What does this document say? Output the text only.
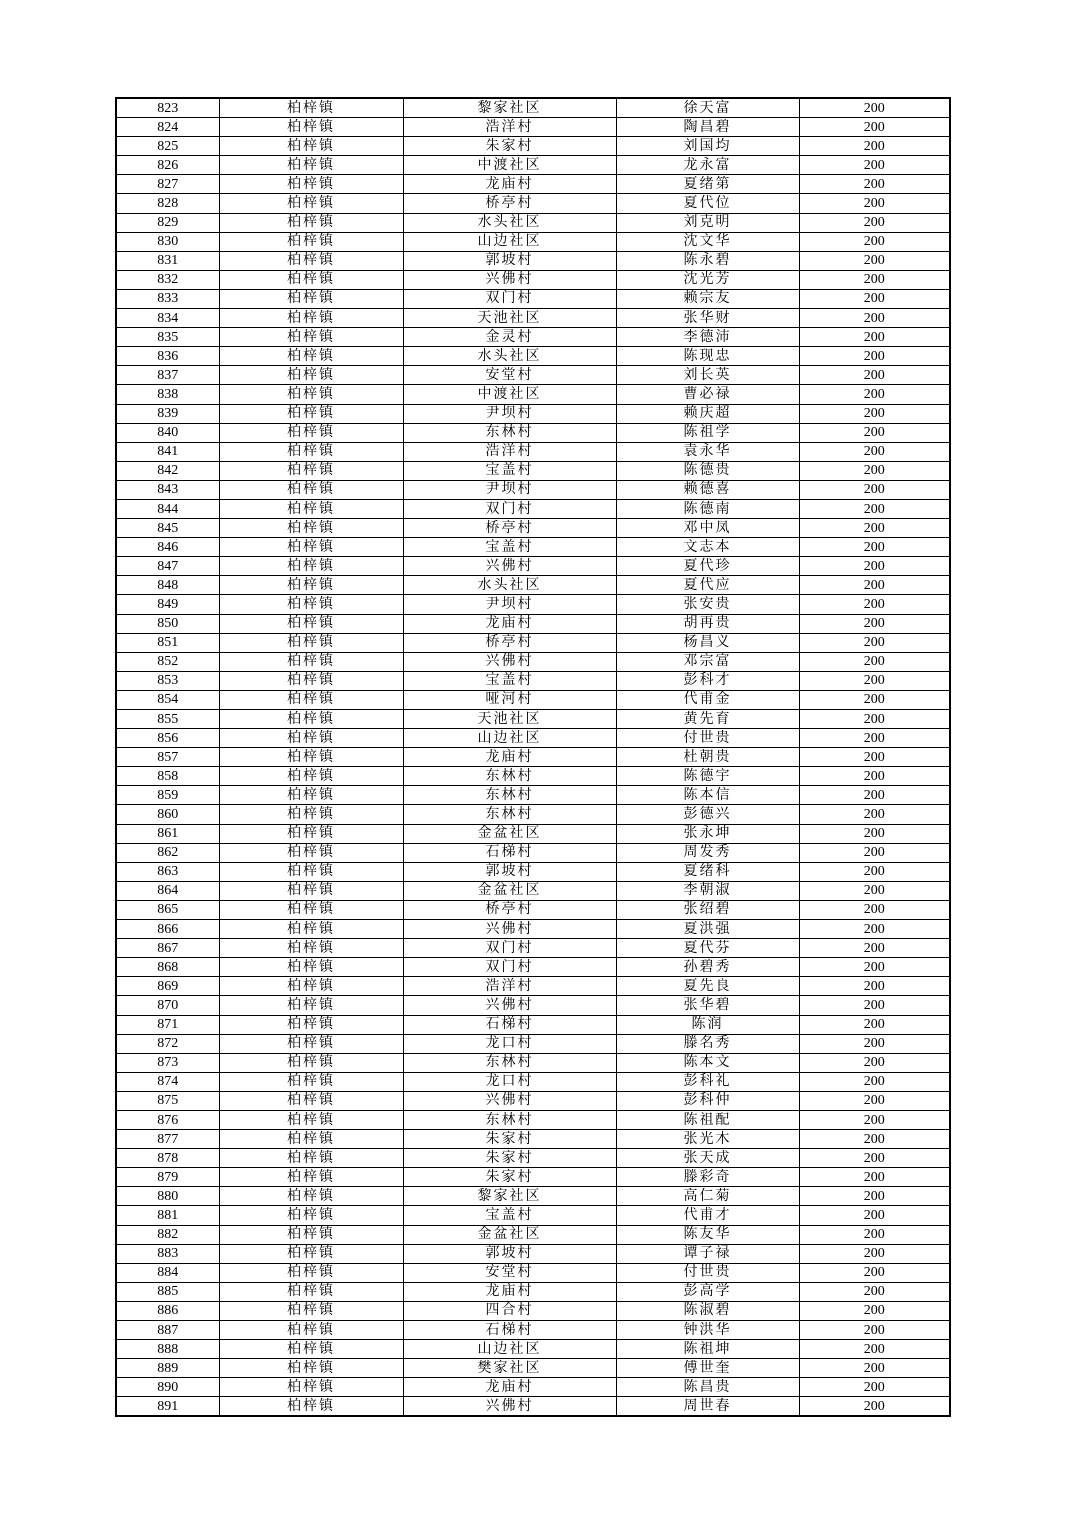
823	柏梓镇	黎家社区	徐天富	200
824	柏梓镇	浩洋村	陶昌碧	200
825	柏梓镇	朱家村	刘国均	200
826	柏梓镇	中渡社区	龙永富	200
827	柏梓镇	龙庙村	夏绪第	200
828	柏梓镇	桥亭村	夏代位	200
829	柏梓镇	水头社区	刘克明	200
830	柏梓镇	山边社区	沈文华	200
831	柏梓镇	郭坡村	陈永碧	200
832	柏梓镇	兴佛村	沈光芳	200
833	柏梓镇	双门村	赖宗友	200
834	柏梓镇	天池社区	张华财	200
835	柏梓镇	金灵村	李德沛	200
836	柏梓镇	水头社区	陈现忠	200
837	柏梓镇	安堂村	刘长英	200
838	柏梓镇	中渡社区	曹必禄	200
839	柏梓镇	尹坝村	赖庆超	200
840	柏梓镇	东林村	陈祖学	200
841	柏梓镇	浩洋村	袁永华	200
842	柏梓镇	宝盖村	陈德贵	200
843	柏梓镇	尹坝村	赖德喜	200
844	柏梓镇	双门村	陈德南	200
845	柏梓镇	桥亭村	邓中凤	200
846	柏梓镇	宝盖村	文志本	200
847	柏梓镇	兴佛村	夏代珍	200
848	柏梓镇	水头社区	夏代应	200
849	柏梓镇	尹坝村	张安贵	200
850	柏梓镇	龙庙村	胡再贵	200
851	柏梓镇	桥亭村	杨昌义	200
852	柏梓镇	兴佛村	邓宗富	200
853	柏梓镇	宝盖村	彭科才	200
854	柏梓镇	哑河村	代甫金	200
855	柏梓镇	天池社区	黄先育	200
856	柏梓镇	山边社区	付世贵	200
857	柏梓镇	龙庙村	杜朝贵	200
858	柏梓镇	东林村	陈德宇	200
859	柏梓镇	东林村	陈本信	200
860	柏梓镇	东林村	彭德兴	200
861	柏梓镇	金盆社区	张永坤	200
862	柏梓镇	石梯村	周发秀	200
863	柏梓镇	郭坡村	夏绪科	200
864	柏梓镇	金盆社区	李朝淑	200
865	柏梓镇	桥亭村	张绍碧	200
866	柏梓镇	兴佛村	夏洪强	200
867	柏梓镇	双门村	夏代芬	200
868	柏梓镇	双门村	孙碧秀	200
869	柏梓镇	浩洋村	夏先良	200
870	柏梓镇	兴佛村	张华碧	200
871	柏梓镇	石梯村	陈润	200
872	柏梓镇	龙口村	滕名秀	200
873	柏梓镇	东林村	陈本文	200
874	柏梓镇	龙口村	彭科礼	200
875	柏梓镇	兴佛村	彭科仲	200
876	柏梓镇	东林村	陈祖配	200
877	柏梓镇	朱家村	张光木	200
878	柏梓镇	朱家村	张天成	200
879	柏梓镇	朱家村	滕彩奇	200
880	柏梓镇	黎家社区	高仁菊	200
881	柏梓镇	宝盖村	代甫才	200
882	柏梓镇	金盆社区	陈友华	200
883	柏梓镇	郭坡村	谭子禄	200
884	柏梓镇	安堂村	付世贵	200
885	柏梓镇	龙庙村	彭高学	200
886	柏梓镇	四合村	陈淑碧	200
887	柏梓镇	石梯村	钟洪华	200
888	柏梓镇	山边社区	陈祖坤	200
889	柏梓镇	樊家社区	傅世奎	200
890	柏梓镇	龙庙村	陈昌贵	200
891	柏梓镇	兴佛村	周世春	200
